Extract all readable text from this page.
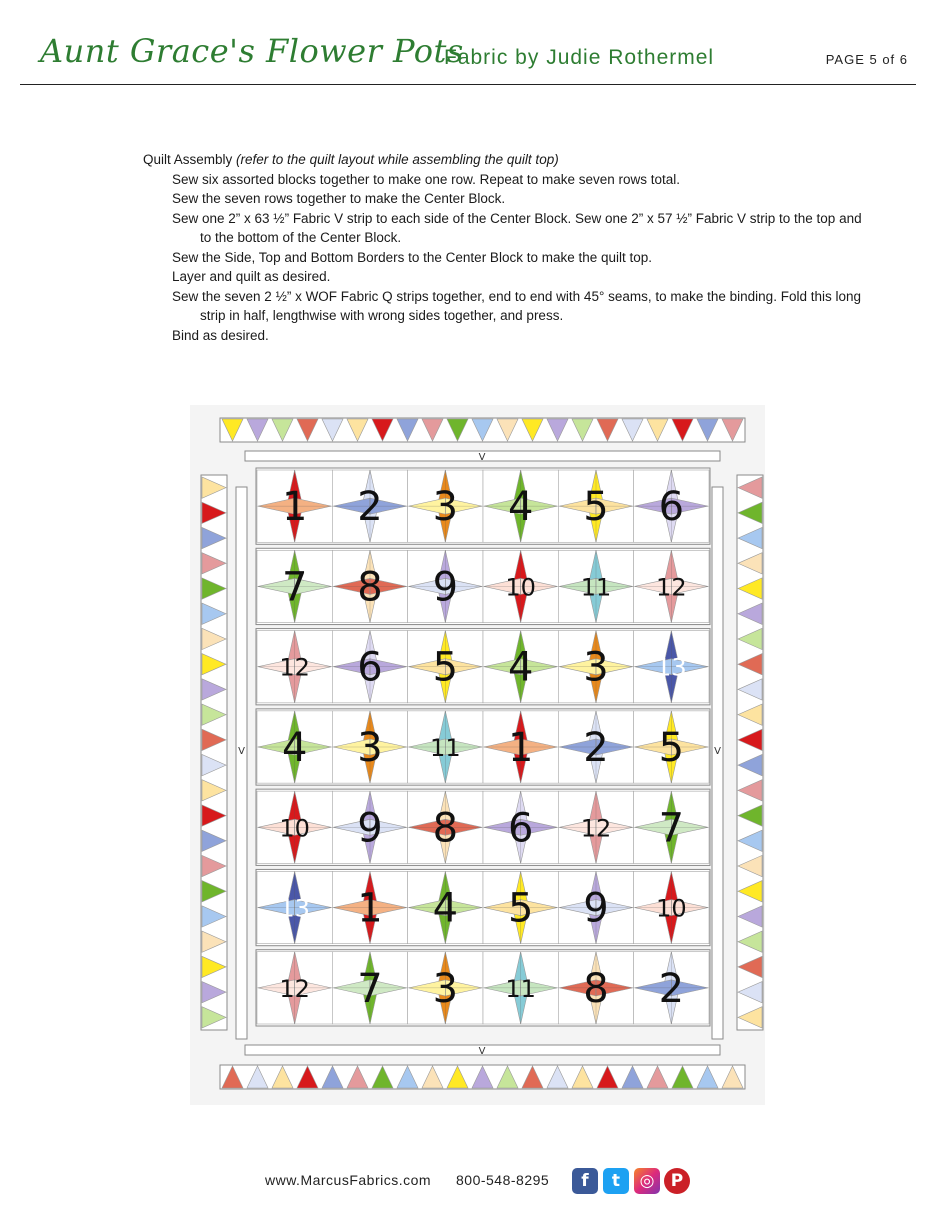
Aunt Grace's Flower Pots
Fabric by Judie Rothermel	PAGE 5 of 6

Quilt Assembly (refer to the quilt layout while assembling the quilt top)

Sew six assorted blocks together to make one row. Repeat to make seven rows total.

Sew the seven rows together to make the Center Block.

Sew one 2” x 63 ½” Fabric V strip to each side of the Center Block. Sew one 2” x 57 ½” Fabric V strip to the top and to the bottom of the Center Block.

Sew the Side, Top and Bottom Borders to the Center Block to make the quilt top.

Layer and quilt as desired.

Sew the seven 2 ½” x WOF Fabric Q strips together, end to end with 45° seams, to make the binding. Fold this long strip in half, lengthwise with wrong sides together, and press.

Bind as desired.

1 2 3 4 5 6
7 8 9 10 11 12
12 6 5 4 3 13
4 3 11 1 2 5
10 9 8 6 12 7
13 1 4 5 9 10
12 7 3 11 8 2
V
V
V	V
www.MarcusFabrics.com 800-548-8295	f	t	◎ P
